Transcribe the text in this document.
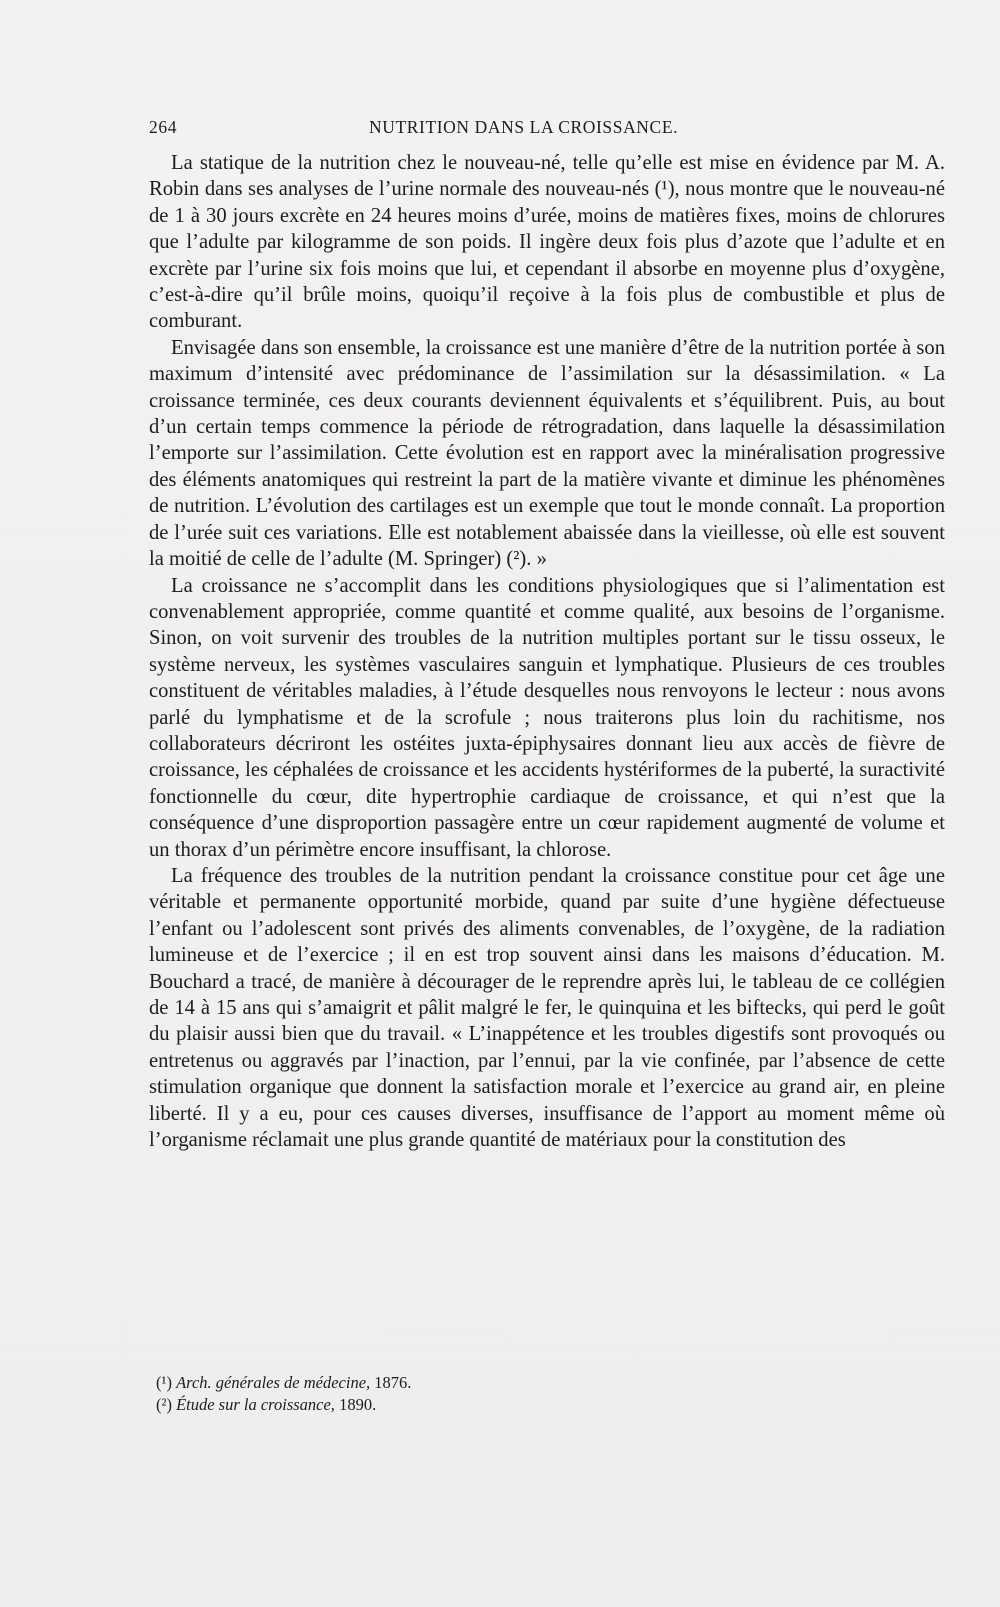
264	NUTRITION DANS LA CROISSANCE.

La statique de la nutrition chez le nouveau-né, telle qu’elle est mise en évidence par M. A. Robin dans ses analyses de l’urine normale des nouveau-nés (¹), nous montre que le nouveau-né de 1 à 30 jours excrète en 24 heures moins d’urée, moins de matières fixes, moins de chlorures que l’adulte par kilogramme de son poids. Il ingère deux fois plus d’azote que l’adulte et en excrète par l’urine six fois moins que lui, et cependant il absorbe en moyenne plus d’oxygène, c’est-à-dire qu’il brûle moins, quoiqu’il reçoive à la fois plus de combustible et plus de comburant.

Envisagée dans son ensemble, la croissance est une manière d’être de la nutrition portée à son maximum d’intensité avec prédominance de l’assimilation sur la désassimilation. « La croissance terminée, ces deux courants deviennent équivalents et s’équilibrent. Puis, au bout d’un certain temps commence la période de rétrogradation, dans laquelle la désassimilation l’emporte sur l’assimilation. Cette évolution est en rapport avec la minéralisation progressive des éléments anatomiques qui restreint la part de la matière vivante et diminue les phénomènes de nutrition. L’évolution des cartilages est un exemple que tout le monde connaît. La proportion de l’urée suit ces variations. Elle est notablement abaissée dans la vieillesse, où elle est souvent la moitié de celle de l’adulte (M. Springer) (²). »

La croissance ne s’accomplit dans les conditions physiologiques que si l’alimentation est convenablement appropriée, comme quantité et comme qualité, aux besoins de l’organisme. Sinon, on voit survenir des troubles de la nutrition multiples portant sur le tissu osseux, le système nerveux, les systèmes vasculaires sanguin et lymphatique. Plusieurs de ces troubles constituent de véritables maladies, à l’étude desquelles nous renvoyons le lecteur : nous avons parlé du lymphatisme et de la scrofule ; nous traiterons plus loin du rachitisme, nos collaborateurs décriront les ostéites juxta-épiphysaires donnant lieu aux accès de fièvre de croissance, les céphalées de croissance et les accidents hystériformes de la puberté, la suractivité fonctionnelle du cœur, dite hypertrophie cardiaque de croissance, et qui n’est que la conséquence d’une disproportion passagère entre un cœur rapidement augmenté de volume et un thorax d’un périmètre encore insuffisant, la chlorose.

La fréquence des troubles de la nutrition pendant la croissance constitue pour cet âge une véritable et permanente opportunité morbide, quand par suite d’une hygiène défectueuse l’enfant ou l’adolescent sont privés des aliments convenables, de l’oxygène, de la radiation lumineuse et de l’exercice ; il en est trop souvent ainsi dans les maisons d’éducation. M. Bouchard a tracé, de manière à décourager de le reprendre après lui, le tableau de ce collégien de 14 à 15 ans qui s’amaigrit et pâlit malgré le fer, le quinquina et les biftecks, qui perd le goût du plaisir aussi bien que du travail. « L’inappétence et les troubles digestifs sont provoqués ou entretenus ou aggravés par l’inaction, par l’ennui, par la vie confinée, par l’absence de cette stimulation organique que donnent la satisfaction morale et l’exercice au grand air, en pleine liberté. Il y a eu, pour ces causes diverses, insuffisance de l’apport au moment même où l’organisme réclamait une plus grande quantité de matériaux pour la constitution des

(¹) Arch. générales de médecine, 1876.

(²) Étude sur la croissance, 1890.
